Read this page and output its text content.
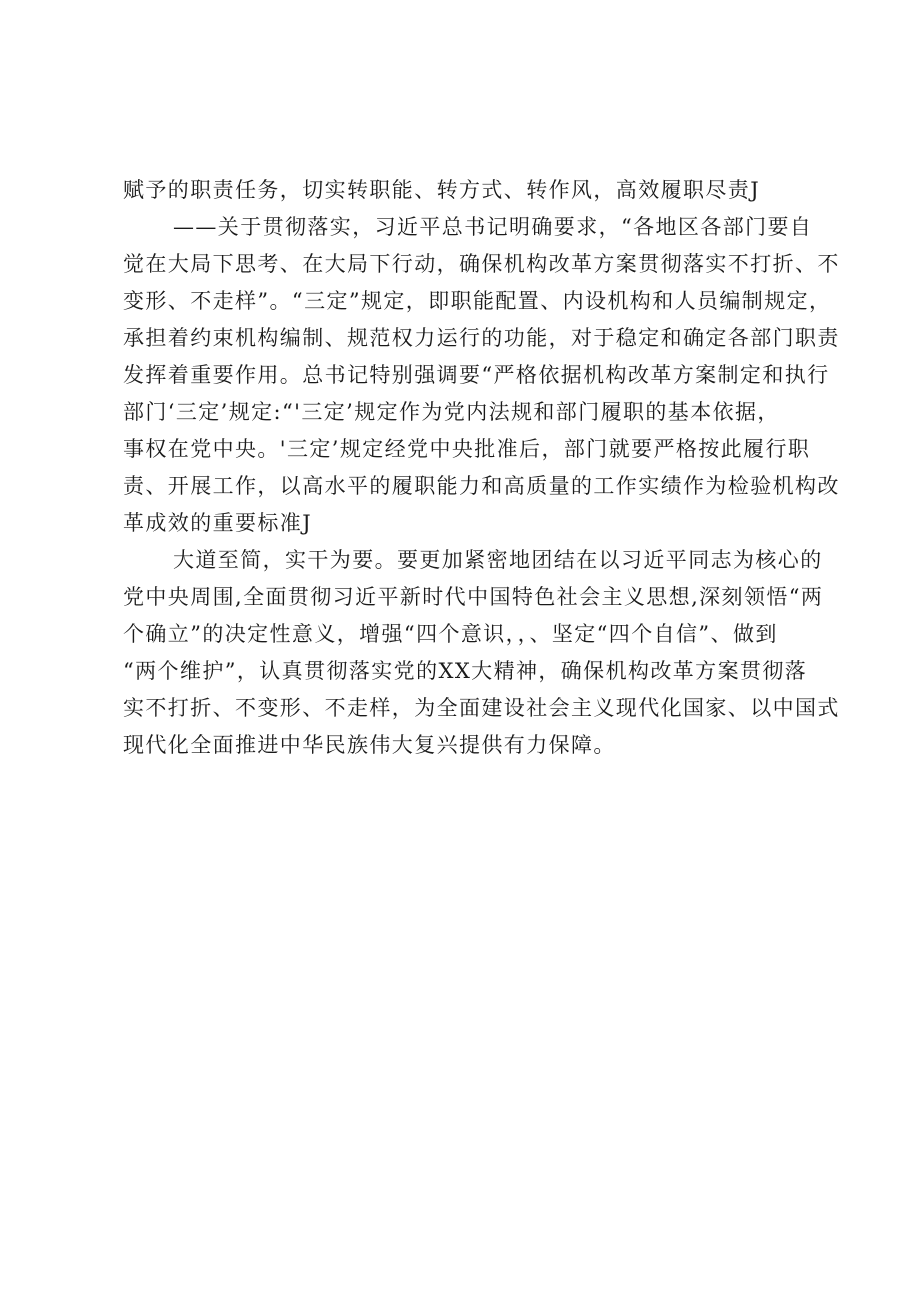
赋予的职责任务，切实转职能、转方式、转作风，高效履职尽责J
——关于贯彻落实，习近平总书记明确要求，“各地区各部门要自
觉在大局下思考、在大局下行动，确保机构改革方案贯彻落实不打折、不
变形、不走样”。“三定”规定，即职能配置、内设机构和人员编制规定，
承担着约束机构编制、规范权力运行的功能，对于稳定和确定各部门职责
发挥着重要作用。总书记特别强调要“严格依据机构改革方案制定和执行
部门‘三定’规定:“'三定’规定作为党内法规和部门履职的基本依据，
事权在党中央。'三定’规定经党中央批准后，部门就要严格按此履行职
责、开展工作，以高水平的履职能力和高质量的工作实绩作为检验机构改
革成效的重要标准J
大道至简，实干为要。要更加紧密地团结在以习近平同志为核心的
党中央周围,全面贯彻习近平新时代中国特色社会主义思想,深刻领悟“两
个确立”的决定性意义，增强“四个意识，，、坚定“四个自信”、做到
“两个维护”，认真贯彻落实党的XX大精神，确保机构改革方案贯彻落
实不打折、不变形、不走样，为全面建设社会主义现代化国家、以中国式
现代化全面推进中华民族伟大复兴提供有力保障。
